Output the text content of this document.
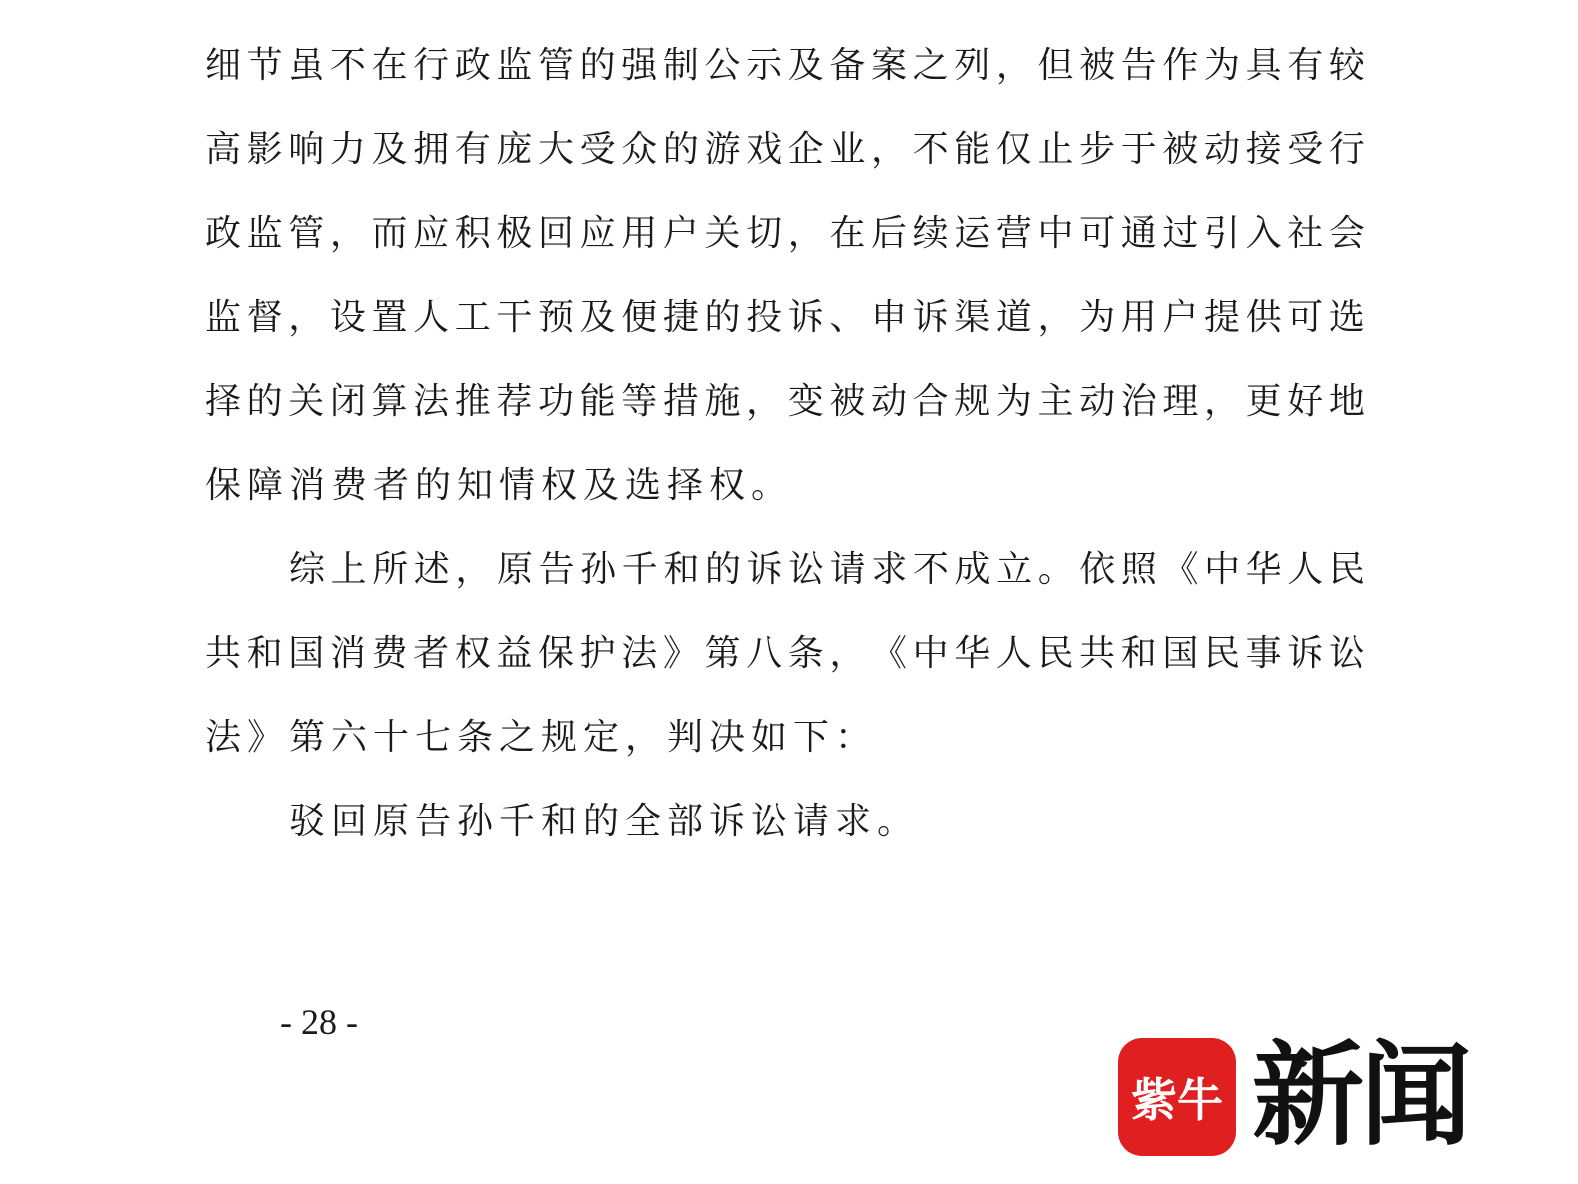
细 节 虽 不 在 行 政 监 管 的 强 制 公 示 及 备 案 之 列 ， 但 被 告 作 为 具 有 较
高 影 响 力 及 拥 有 庞 大 受 众 的 游 戏 企 业 ， 不 能 仅 止 步 于 被 动 接 受 行
政 监 管 ， 而 应 积 极 回 应 用 户 关 切 ， 在 后 续 运 营 中 可 通 过 引 入 社 会
监 督 ， 设 置 人 工 干 预 及 便 捷 的 投 诉 、 申 诉 渠 道 ， 为 用 户 提 供 可 选
择 的 关 闭 算 法 推 荐 功 能 等 措 施 ， 变 被 动 合 规 为 主 动 治 理 ， 更 好 地
保障消费者的知情权及选择权。
综 上 所 述 ， 原 告 孙 千 和 的 诉 讼 请 求 不 成 立 。 依 照 《 中 华 人 民
共 和 国 消 费 者 权 益 保 护 法 》 第 八 条 ， 《 中 华 人 民 共 和 国 民 事 诉 讼
法》第六十七条之规定，判决如下：
驳回原告孙千和的全部诉讼请求。
- 28 -
紫牛 新闻
